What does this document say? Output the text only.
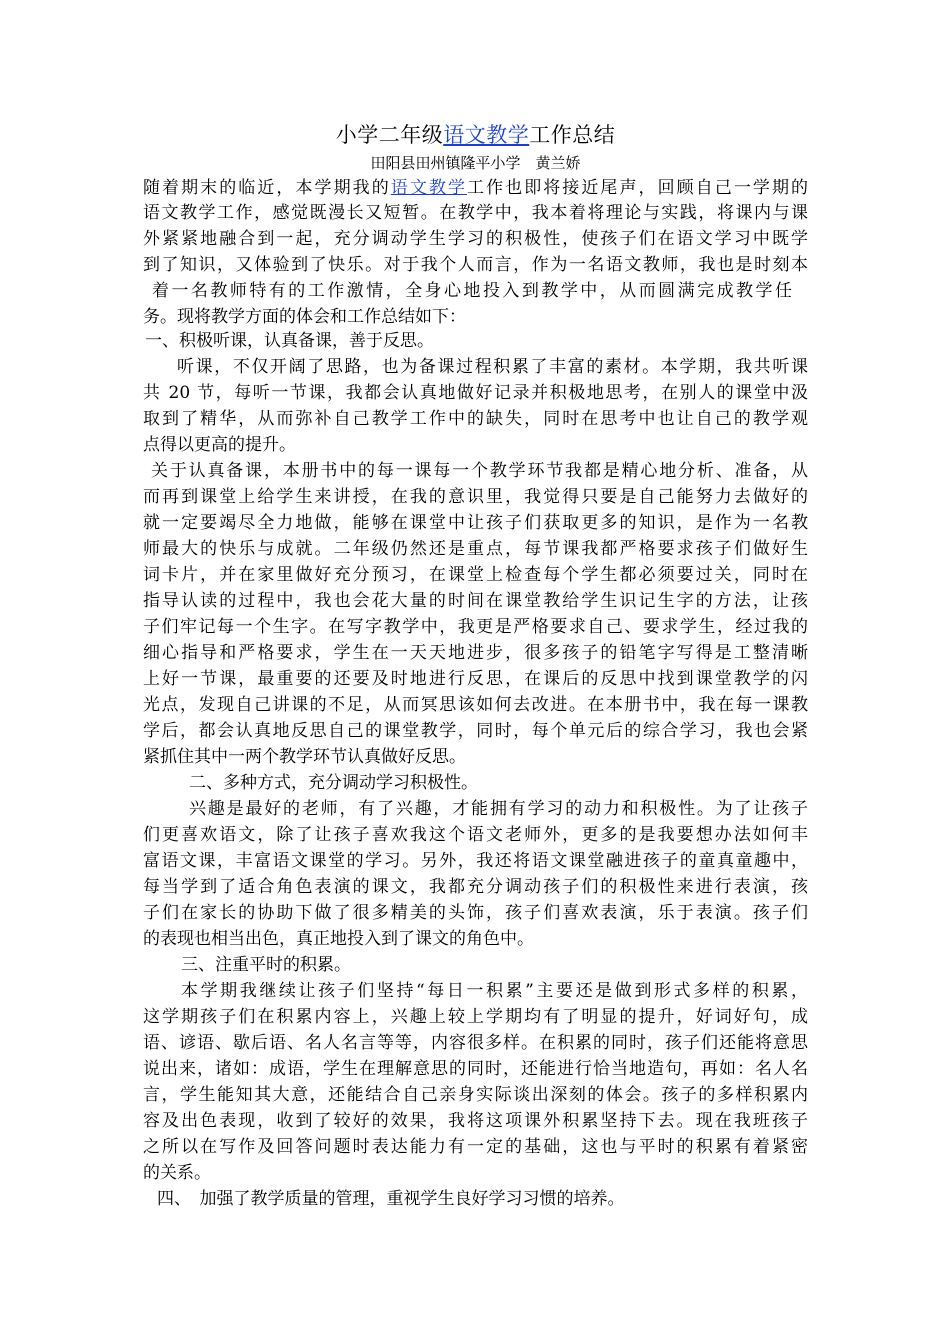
小学二年级语文教学工作总结
田阳县田州镇隆平小学　黄兰娇
随着期末的临近，本学期我的语文教学工作也即将接近尾声，回顾自己一学期的
语文教学工作，感觉既漫长又短暂。在教学中，我本着将理论与实践，将课内与课
外紧紧地融合到一起，充分调动学生学习的积极性，使孩子们在语文学习中既学
到了知识，又体验到了快乐。对于我个人而言，作为一名语文教师，我也是时刻本
着一名教师特有的工作激情，全身心地投入到教学中，从而圆满完成教学任
务。现将教学方面的体会和工作总结如下：
一、积极听课，认真备课，善于反思。
听课，不仅开阔了思路，也为备课过程积累了丰富的素材。本学期，我共听课
共 20 节，每听一节课，我都会认真地做好记录并积极地思考，在别人的课堂中汲
取到了精华，从而弥补自己教学工作中的缺失，同时在思考中也让自己的教学观
点得以更高的提升。
关于认真备课，本册书中的每一课每一个教学环节我都是精心地分析、准备，从
而再到课堂上给学生来讲授，在我的意识里，我觉得只要是自己能努力去做好的
就一定要竭尽全力地做，能够在课堂中让孩子们获取更多的知识，是作为一名教
师最大的快乐与成就。二年级仍然还是重点，每节课我都严格要求孩子们做好生
词卡片，并在家里做好充分预习，在课堂上检查每个学生都必须要过关，同时在
指导认读的过程中，我也会花大量的时间在课堂教给学生识记生字的方法，让孩
子们牢记每一个生字。在写字教学中，我更是严格要求自己、要求学生，经过我的
细心指导和严格要求，学生在一天天地进步，很多孩子的铅笔字写得是工整清晰
上好一节课，最重要的还要及时地进行反思，在课后的反思中找到课堂教学的闪
光点，发现自己讲课的不足，从而冥思该如何去改进。在本册书中，我在每一课教
学后，都会认真地反思自己的课堂教学，同时，每个单元后的综合学习，我也会紧
紧抓住其中一两个教学环节认真做好反思。
二、多种方式，充分调动学习积极性。
兴趣是最好的老师，有了兴趣，才能拥有学习的动力和积极性。为了让孩子
们更喜欢语文，除了让孩子喜欢我这个语文老师外，更多的是我要想办法如何丰
富语文课，丰富语文课堂的学习。另外，我还将语文课堂融进孩子的童真童趣中，
每当学到了适合角色表演的课文，我都充分调动孩子们的积极性来进行表演，孩
子们在家长的协助下做了很多精美的头饰，孩子们喜欢表演，乐于表演。孩子们
的表现也相当出色，真正地投入到了课文的角色中。
三、注重平时的积累。
本学期我继续让孩子们坚持“每日一积累”主要还是做到形式多样的积累，
这学期孩子们在积累内容上，兴趣上较上学期均有了明显的提升，好词好句，成
语、谚语、歇后语、名人名言等等，内容很多样。在积累的同时，孩子们还能将意思
说出来，诸如：成语，学生在理解意思的同时，还能进行恰当地造句，再如：名人名
言，学生能知其大意，还能结合自己亲身实际谈出深刻的体会。孩子的多样积累内
容及出色表现，收到了较好的效果，我将这项课外积累坚持下去。现在我班孩子
之所以在写作及回答问题时表达能力有一定的基础，这也与平时的积累有着紧密
的关系。
四、　加强了教学质量的管理，重视学生良好学习习惯的培养。
